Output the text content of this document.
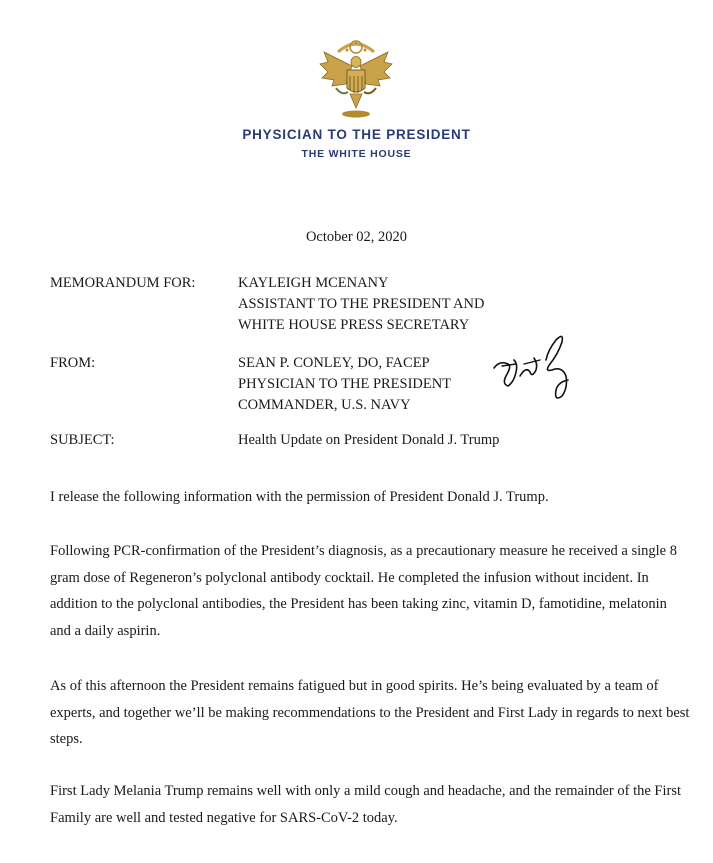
PHYSICIAN TO THE PRESIDENT
THE WHITE HOUSE
October 02, 2020
MEMORANDUM FOR:	KAYLEIGH MCENANY
ASSISTANT TO THE PRESIDENT AND
WHITE HOUSE PRESS SECRETARY
FROM:	SEAN P. CONLEY, DO, FACEP
PHYSICIAN TO THE PRESIDENT
COMMANDER, U.S. NAVY
SUBJECT:	Health Update on President Donald J. Trump

I release the following information with the permission of President Donald J. Trump.

Following PCR-confirmation of the President’s diagnosis, as a precautionary measure he received a single 8 gram dose of Regeneron’s polyclonal antibody cocktail. He completed the infusion without incident. In addition to the polyclonal antibodies, the President has been taking zinc, vitamin D, famotidine, melatonin and a daily aspirin.

As of this afternoon the President remains fatigued but in good spirits. He’s being evaluated by a team of experts, and together we’ll be making recommendations to the President and First Lady in regards to next best steps.

First Lady Melania Trump remains well with only a mild cough and headache, and the remainder of the First Family are well and tested negative for SARS-CoV-2 today.
